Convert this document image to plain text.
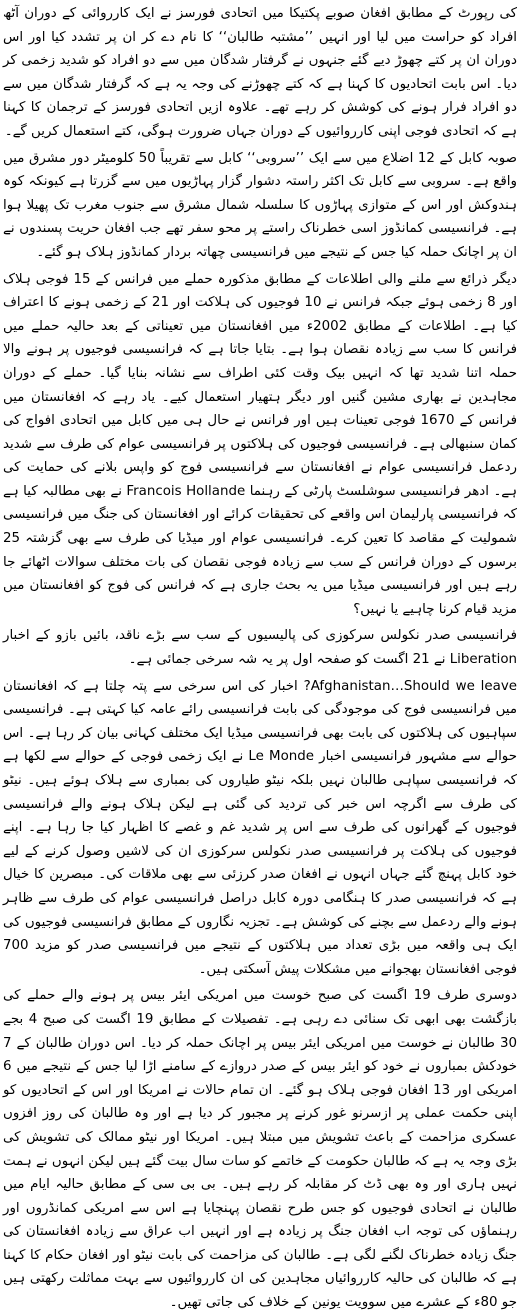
کی رپورٹ کے مطابق افغان صوبے پکتیکا میں اتحادی فورسز نے ایک کارروائی کے دوران آٹھ افراد کو حراست میں لیا اور انہیں ’’مشتبہ طالبان‘‘ کا نام دے کر ان پر تشدد کیا اور اس دوران ان پر کتے چھوڑ دیے گئے جنہوں نے گرفتار شدگان میں سے دو افراد کو شدید زخمی کر دیا۔ اس بابت اتحادیوں کا کہنا ہے کہ کتے چھوڑنے کی وجہ یہ ہے کہ گرفتار شدگان میں سے دو افراد فرار ہونے کی کوشش کر رہے تھے۔ علاوہ ازیں اتحادی فورسز کے ترجمان کا کہنا ہے کہ اتحادی فوجی اپنی کارروائیوں کے دوران جہاں ضرورت ہوگی، کتے استعمال کریں گے۔

صوبہ کابل کے 12 اضلاع میں سے ایک ’’سروبی‘‘ کابل سے تقریباً 50 کلومیٹر دور مشرق میں واقع ہے۔ سروبی سے کابل تک اکثر راستہ دشوار گزار پہاڑیوں میں سے گزرتا ہے کیونکہ کوہ ہندوکش اور اس کے متوازی پہاڑوں کا سلسلہ شمال مشرق سے جنوب مغرب تک پھیلا ہوا ہے۔ فرانسیسی کمانڈوز اسی خطرناک راستے پر محو سفر تھے جب افغان حریت پسندوں نے ان پر اچانک حملہ کیا جس کے نتیجے میں فرانسیسی چھاتہ بردار کمانڈوز ہلاک ہو گئے۔

دیگر ذرائع سے ملنے والی اطلاعات کے مطابق مذکورہ حملے میں فرانس کے 15 فوجی ہلاک اور 8 زخمی ہوئے جبکہ فرانس نے 10 فوجیوں کی ہلاکت اور 21 کے زخمی ہونے کا اعتراف کیا ہے۔ اطلاعات کے مطابق 2002ء میں افغانستان میں تعیناتی کے بعد حالیہ حملے میں فرانس کا سب سے زیادہ نقصان ہوا ہے۔ بتایا جاتا ہے کہ فرانسیسی فوجیوں پر ہونے والا حملہ اتنا شدید تھا کہ انہیں بیک وقت کئی اطراف سے نشانہ بنایا گیا۔ حملے کے دوران مجاہدین نے بھاری مشین گنیں اور دیگر ہتھیار استعمال کیے۔ یاد رہے کہ افغانستان میں فرانس کے 1670 فوجی تعینات ہیں اور فرانس نے حال ہی میں کابل میں اتحادی افواج کی کمان سنبھالی ہے۔ فرانسیسی فوجیوں کی ہلاکتوں پر فرانسیسی عوام کی طرف سے شدید ردعمل فرانسیسی عوام نے افغانستان سے فرانسیسی فوج کو واپس بلانے کی حمایت کی ہے۔ ادھر فرانسیسی سوشلسٹ پارٹی کے رہنما Francois Hollande نے بھی مطالبہ کیا ہے کہ فرانسیسی پارلیمان اس واقعے کی تحقیقات کرائے اور افغانستان کی جنگ میں فرانسیسی شمولیت کے مقاصد کا تعین کرے۔ فرانسیسی عوام اور میڈیا کی طرف سے بھی گزشتہ 25 برسوں کے دوران فرانس کے سب سے زیادہ فوجی نقصان کی بات مختلف سوالات اٹھائے جا رہے ہیں اور فرانسیسی میڈیا میں یہ بحث جاری ہے کہ فرانس کی فوج کو افغانستان میں مزید قیام کرنا چاہیے یا نہیں؟

فرانسیسی صدر نکولس سرکوزی کی پالیسیوں کے سب سے بڑے ناقد، بائیں بازو کے اخبار Liberation نے 21 اگست کو صفحہ اول پر یہ شہ سرخی جمائی ہے۔

Afghanistan…Should we leave? اخبار کی اس سرخی سے پتہ چلتا ہے کہ افغانستان میں فرانسیسی فوج کی موجودگی کی بابت فرانسیسی رائے عامہ کیا کہتی ہے۔ فرانسیسی سپاہیوں کی ہلاکتوں کی بابت بھی فرانسیسی میڈیا ایک مختلف کہانی بیان کر رہا ہے۔ اس حوالے سے مشہور فرانسیسی اخبار Le Monde نے ایک زخمی فوجی کے حوالے سے لکھا ہے کہ فرانسیسی سپاہی طالبان نہیں بلکہ نیٹو طیاروں کی بمباری سے ہلاک ہوئے ہیں۔ نیٹو کی طرف سے اگرچہ اس خبر کی تردید کی گئی ہے لیکن ہلاک ہونے والے فرانسیسی فوجیوں کے گھرانوں کی طرف سے اس پر شدید غم و غصے کا اظہار کیا جا رہا ہے۔ اپنے فوجیوں کی ہلاکت پر فرانسیسی صدر نکولس سرکوزی ان کی لاشیں وصول کرنے کے لیے خود کابل پہنچ گئے جہاں انہوں نے افغان صدر کرزئی سے بھی ملاقات کی۔ مبصرین کا خیال ہے کہ فرانسیسی صدر کا ہنگامی دورہ کابل دراصل فرانسیسی عوام کی طرف سے ظاہر ہونے والے ردعمل سے بچنے کی کوشش ہے۔ تجزیہ نگاروں کے مطابق فرانسیسی فوجیوں کی ایک ہی واقعہ میں بڑی تعداد میں ہلاکتوں کے نتیجے میں فرانسیسی صدر کو مزید 700 فوجی افغانستان بھجوانے میں مشکلات پیش آسکتی ہیں۔

دوسری طرف 19 اگست کی صبح خوست میں امریکی ایئر بیس پر ہونے والے حملے کی بازگشت بھی ابھی تک سنائی دے رہی ہے۔ تفصیلات کے مطابق 19 اگست کی صبح 4 بجے 30 طالبان نے خوست میں امریکی ایئر بیس پر اچانک حملہ کر دیا۔ اس دوران طالبان کے 7 خودکش بمباروں نے خود کو ایئر بیس کے صدر دروازے کے سامنے اڑا لیا جس کے نتیجے میں 6 امریکی اور 13 افغان فوجی ہلاک ہو گئے۔ ان تمام حالات نے امریکا اور اس کے اتحادیوں کو اپنی حکمت عملی پر ازسرنو غور کرنے پر مجبور کر دیا ہے اور وہ طالبان کی روز افزوں عسکری مزاحمت کے باعث تشویش میں مبتلا ہیں۔ امریکا اور نیٹو ممالک کی تشویش کی بڑی وجہ یہ ہے کہ طالبان حکومت کے خاتمے کو سات سال بیت گئے ہیں لیکن انہوں نے ہمت نہیں ہاری اور وہ بھی ڈٹ کر مقابلہ کر رہے ہیں۔ بی بی سی کے مطابق حالیہ ایام میں طالبان نے اتحادی فوجیوں کو جس طرح نقصان پہنچایا ہے اس سے امریکی کمانڈروں اور رہنماؤں کی توجہ اب افغان جنگ پر زیادہ ہے اور انہیں اب عراق سے زیادہ افغانستان کی جنگ زیادہ خطرناک لگنے لگی ہے۔ طالبان کی مزاحمت کی بابت نیٹو اور افغان حکام کا کہنا ہے کہ طالبان کی حالیہ کارروائیاں مجاہدین کی ان کارروائیوں سے بہت مماثلت رکھتی ہیں جو 80ء کے عشرے میں سوویت یونین کے خلاف کی جاتی تھیں۔
